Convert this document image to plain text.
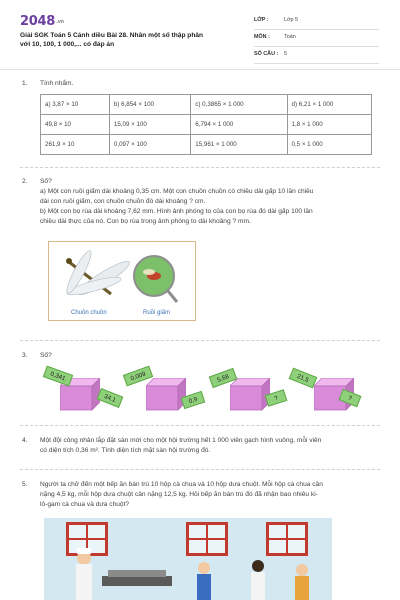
2048.vn
Giải SGK Toán 5 Cánh diều Bài 28. Nhân một số thập phân
với 10, 100, 1 000,... có đáp án
LỚP :	Lớp 5
MÔN :	Toán
SỐ CÂU : 5
1. Tính nhẩm.
a) 3,87 × 10	b) 6,854 × 100	c) 0,3865 × 1 000	d) 6,21 × 1 000
49,8 × 10	15,09 × 100	6,794 × 1 000	1,8 × 1 000
261,9 × 10	0,097 × 100	15,961 × 1 000	0,5 × 1 000
2. Số?
a) Một con ruồi giấm dài khoảng 0,35 cm. Một con chuồn chuồn có chiều dài gấp 10 lần chiều
dài con ruồi giấm, con chuồn chuồn đó dài khoảng ? cm.
b) Một con bọ rùa dài khoảng 7,62 mm. Hình ảnh phóng to của con bọ rùa đó dài gấp 100 lần
chiều dài thực của nó. Con bọ rùa trong ảnh phóng to dài khoảng ? mm.
Chuồn chuồn	Ruồi giấm
3. Số?
0,341
34,1
0,009
0,9
5,68
?
21,5
?
4. Một đội công nhân lắp đặt sàn mới cho một hội trường hết 1 000 viên gạch hình vuông, mỗi viên
có diện tích 0,36 m². Tính diện tích mặt sàn hội trường đó.
5. Người ta chở đến một bếp ăn bán trú 10 hộp cà chua và 10 hộp dưa chuột. Mỗi hộp cà chua cân
nặng 4,5 kg, mỗi hộp dưa chuột cân nặng 12,5 kg. Hỏi bếp ăn bán trú đó đã nhận bao nhiêu ki-
lô-gam cà chua và dưa chuột?
